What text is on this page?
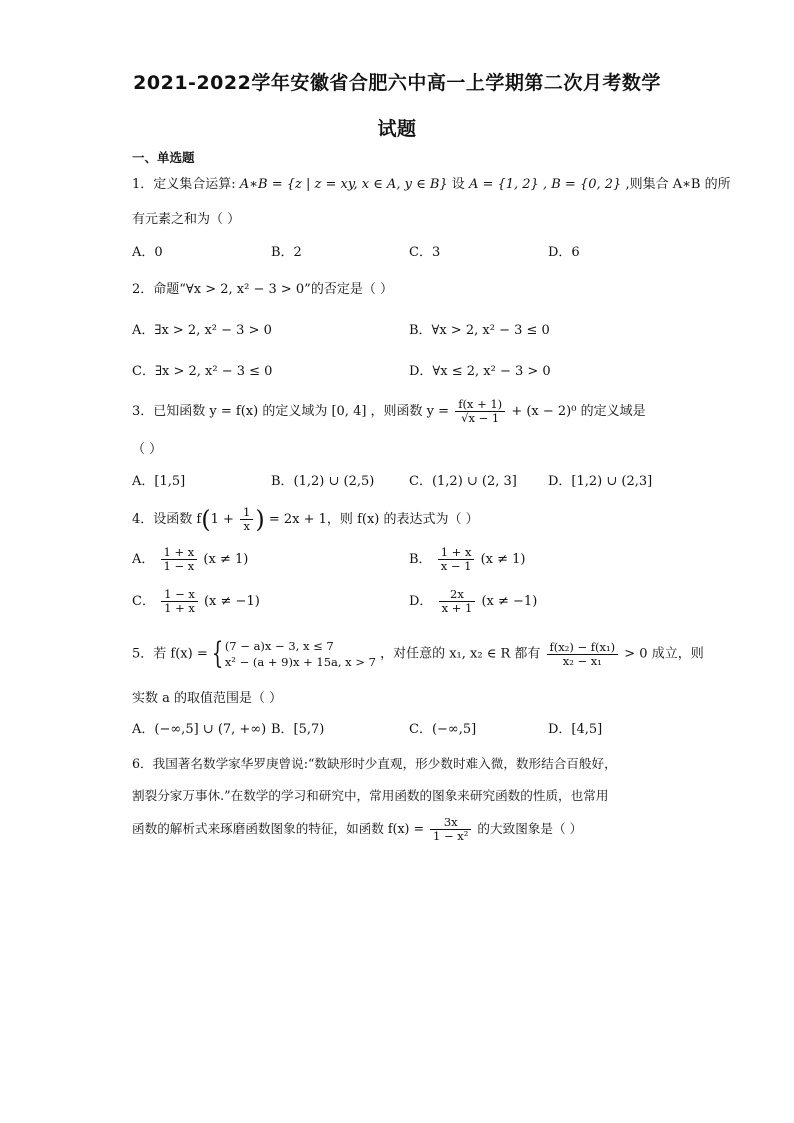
2021-2022学年安徽省合肥六中高一上学期第二次月考数学
试题
一、单选题
1．定义集合运算: A∗B = {z | z = xy, x ∈ A, y ∈ B} 设 A = {1, 2} , B = {0, 2} ,则集合 A∗B 的所
有元素之和为（ ）
A．0	B．2	C．3	D．6
2．命题“∀x > 2, x² − 3 > 0”的否定是（ ）
A．∃x > 2, x² − 3 > 0	B．∀x > 2, x² − 3 ≤ 0
C．∃x > 2, x² − 3 ≤ 0	D．∀x ≤ 2, x² − 3 > 0
3．已知函数 y = f(x) 的定义域为 [0, 4] ，则函数 $y = \frac{f(x + 1)}{√x - 1} + (x - 2)^0$ 的定义域是
（ ）
A．[1,5]	B．(1,2) ∪ (2,5)	C．(1,2) ∪ (2, 3] D．[1,2) ∪ (2,3]
4．设函数 $f(1 + \frac{1}{x}$ ) = 2x + 1，则 f(x) 的表达式为（ ）
A． $\frac{1 + x}{1 - x} (x \ne 1)$	B． $\frac{1 + x}{x - 1} (x \ne 1)$
C． $\frac{1 - x}{1 + x} (x \ne -1)$	D． $\frac{2x}{x + 1} (x \ne -1)$
5．若 f(x) = { (7 − a)x − 3, x ≤ 7
x² − (a + 9)x + 15a, x > 7
，对任意的 x₁, x₂ ∈ R 都有 $\frac{\text{f(x₂) − f(x₁)}}{\text{x₂ − x₁}} > 0$ 成立，则
实数 a 的取值范围是（ ）
A．(−∞,5] ∪ (7, +∞) B．[5,7)	C．(−∞,5]	D．[4,5]
6．我国著名数学家华罗庚曾说:“数缺形时少直观，形少数时难入微，数形结合百般好，
割裂分家万事休.”在数学的学习和研究中，常用函数的图象来研究函数的性质，也常用
函数的解析式来琢磨函数图象的特征，如函数 $f(x) = \frac{3x}{\text{1 − x²}}$ 的大致图象是（ ）
